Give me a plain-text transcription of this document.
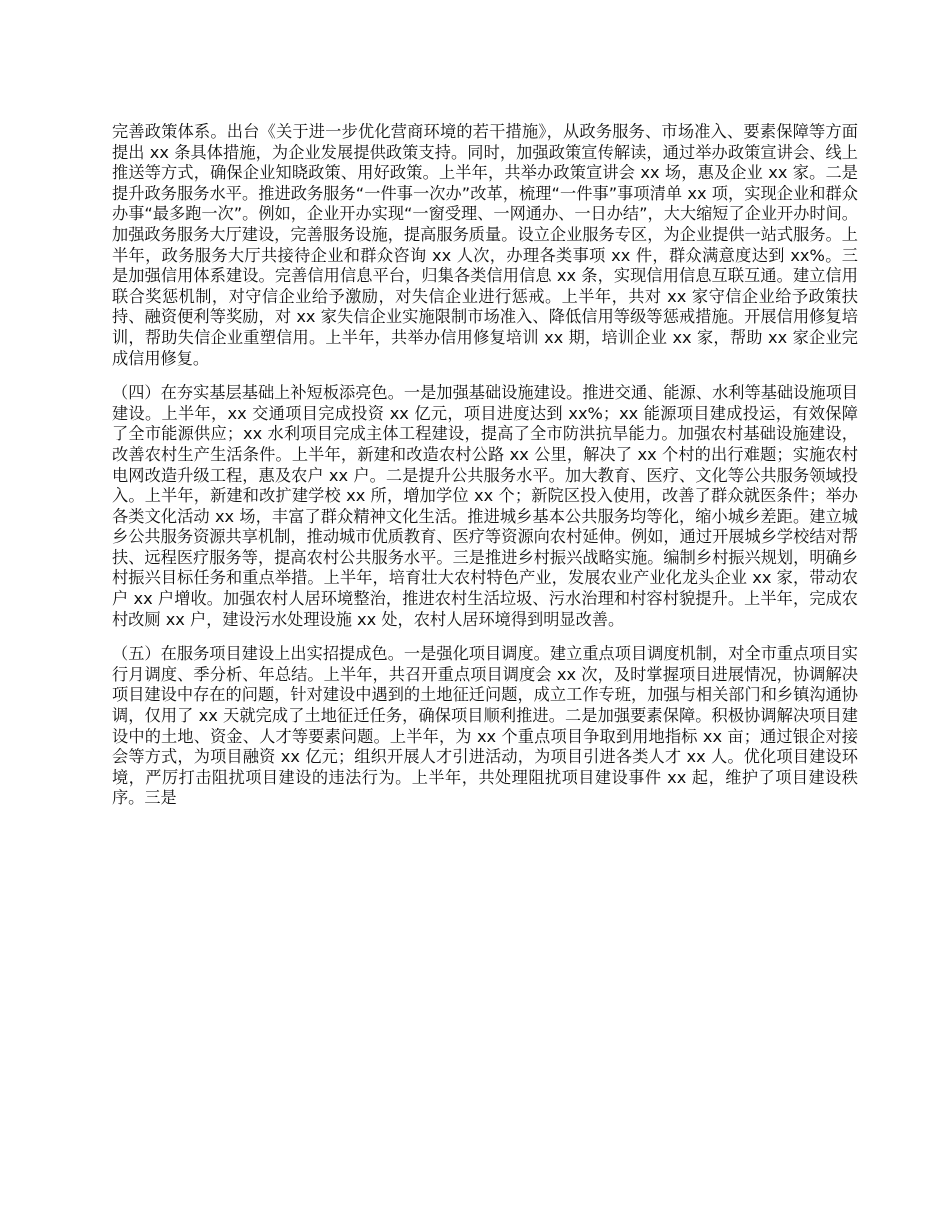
完善政策体系。出台《关于进一步优化营商环境的若干措施》，从政务服务、市场准入、要素保障等方面提出 xx 条具体措施，为企业发展提供政策支持。同时，加强政策宣传解读，通过举办政策宣讲会、线上推送等方式，确保企业知晓政策、用好政策。上半年，共举办政策宣讲会 xx 场，惠及企业 xx 家。二是提升政务服务水平。推进政务服务“一件事一次办”改革，梳理“一件事”事项清单 xx 项，实现企业和群众办事“最多跑一次”。例如，企业开办实现“一窗受理、一网通办、一日办结”，大大缩短了企业开办时间。加强政务服务大厅建设，完善服务设施，提高服务质量。设立企业服务专区，为企业提供一站式服务。上半年，政务服务大厅共接待企业和群众咨询 xx 人次，办理各类事项 xx 件，群众满意度达到 xx%。三是加强信用体系建设。完善信用信息平台，归集各类信用信息 xx 条，实现信用信息互联互通。建立信用联合奖惩机制，对守信企业给予激励，对失信企业进行惩戒。上半年，共对 xx 家守信企业给予政策扶持、融资便利等奖励，对 xx 家失信企业实施限制市场准入、降低信用等级等惩戒措施。开展信用修复培训，帮助失信企业重塑信用。上半年，共举办信用修复培训 xx 期，培训企业 xx 家，帮助 xx 家企业完成信用修复。

（四）在夯实基层基础上补短板添亮色。一是加强基础设施建设。推进交通、能源、水利等基础设施项目建设。上半年，xx 交通项目完成投资 xx 亿元，项目进度达到 xx%；xx 能源项目建成投运，有效保障了全市能源供应；xx 水利项目完成主体工程建设，提高了全市防洪抗旱能力。加强农村基础设施建设，改善农村生产生活条件。上半年，新建和改造农村公路 xx 公里，解决了 xx 个村的出行难题；实施农村电网改造升级工程，惠及农户 xx 户。二是提升公共服务水平。加大教育、医疗、文化等公共服务领域投入。上半年，新建和改扩建学校 xx 所，增加学位 xx 个；新院区投入使用，改善了群众就医条件；举办各类文化活动 xx 场，丰富了群众精神文化生活。推进城乡基本公共服务均等化，缩小城乡差距。建立城乡公共服务资源共享机制，推动城市优质教育、医疗等资源向农村延伸。例如，通过开展城乡学校结对帮扶、远程医疗服务等，提高农村公共服务水平。三是推进乡村振兴战略实施。编制乡村振兴规划，明确乡村振兴目标任务和重点举措。上半年，培育壮大农村特色产业，发展农业产业化龙头企业 xx 家，带动农户 xx 户增收。加强农村人居环境整治，推进农村生活垃圾、污水治理和村容村貌提升。上半年，完成农村改厕 xx 户，建设污水处理设施 xx 处，农村人居环境得到明显改善。

（五）在服务项目建设上出实招提成色。一是强化项目调度。建立重点项目调度机制，对全市重点项目实行月调度、季分析、年总结。上半年，共召开重点项目调度会 xx 次，及时掌握项目进展情况，协调解决项目建设中存在的问题，针对建设中遇到的土地征迁问题，成立工作专班，加强与相关部门和乡镇沟通协调，仅用了 xx 天就完成了土地征迁任务，确保项目顺利推进。二是加强要素保障。积极协调解决项目建设中的土地、资金、人才等要素问题。上半年，为 xx 个重点项目争取到用地指标 xx 亩；通过银企对接会等方式，为项目融资 xx 亿元；组织开展人才引进活动，为项目引进各类人才 xx 人。优化项目建设环境，严厉打击阻扰项目建设的违法行为。上半年，共处理阻扰项目建设事件 xx 起，维护了项目建设秩序。三是
